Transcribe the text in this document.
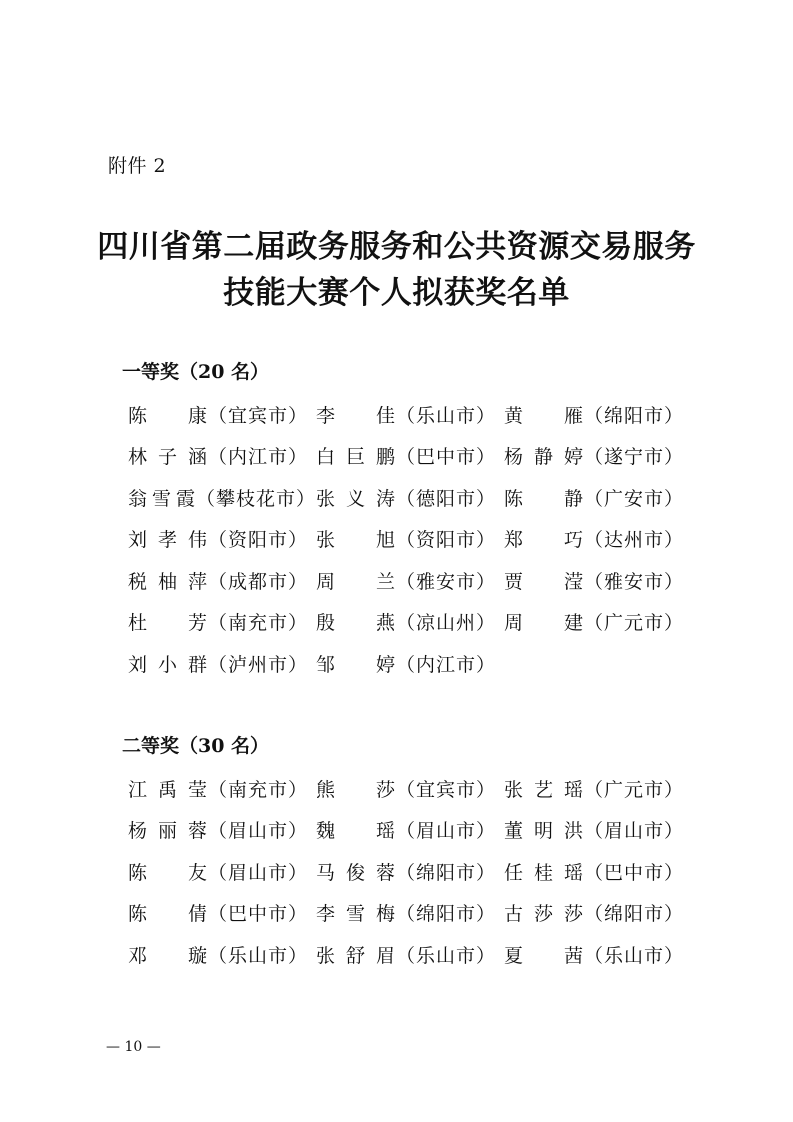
附件 2
四川省第二届政务服务和公共资源交易服务
技能大赛个人拟获奖名单
一等奖（20 名）
陈康 （宜宾市） 李佳 （乐山市） 黄雁 （绵阳市）
林子涵 （内江市） 白巨鹏 （巴中市） 杨静婷 （遂宁市）
翁雪霞 （攀枝花市） 张义涛 （德阳市） 陈静 （广安市）
刘孝伟 （资阳市） 张旭 （资阳市） 郑巧 （达州市）
税柚萍 （成都市） 周兰 （雅安市） 贾滢 （雅安市）
杜芳 （南充市） 殷燕 （凉山州） 周建 （广元市）
刘小群 （泸州市） 邹婷 （内江市）
二等奖（30 名）
江禹莹 （南充市） 熊莎 （宜宾市） 张艺瑶 （广元市）
杨丽蓉 （眉山市） 魏瑶 （眉山市） 董明洪 （眉山市）
陈友 （眉山市） 马俊蓉 （绵阳市） 任桂瑶 （巴中市）
陈倩 （巴中市） 李雪梅 （绵阳市） 古莎莎 （绵阳市）
邓璇 （乐山市） 张舒眉 （乐山市） 夏茜 （乐山市）
— 10 —
